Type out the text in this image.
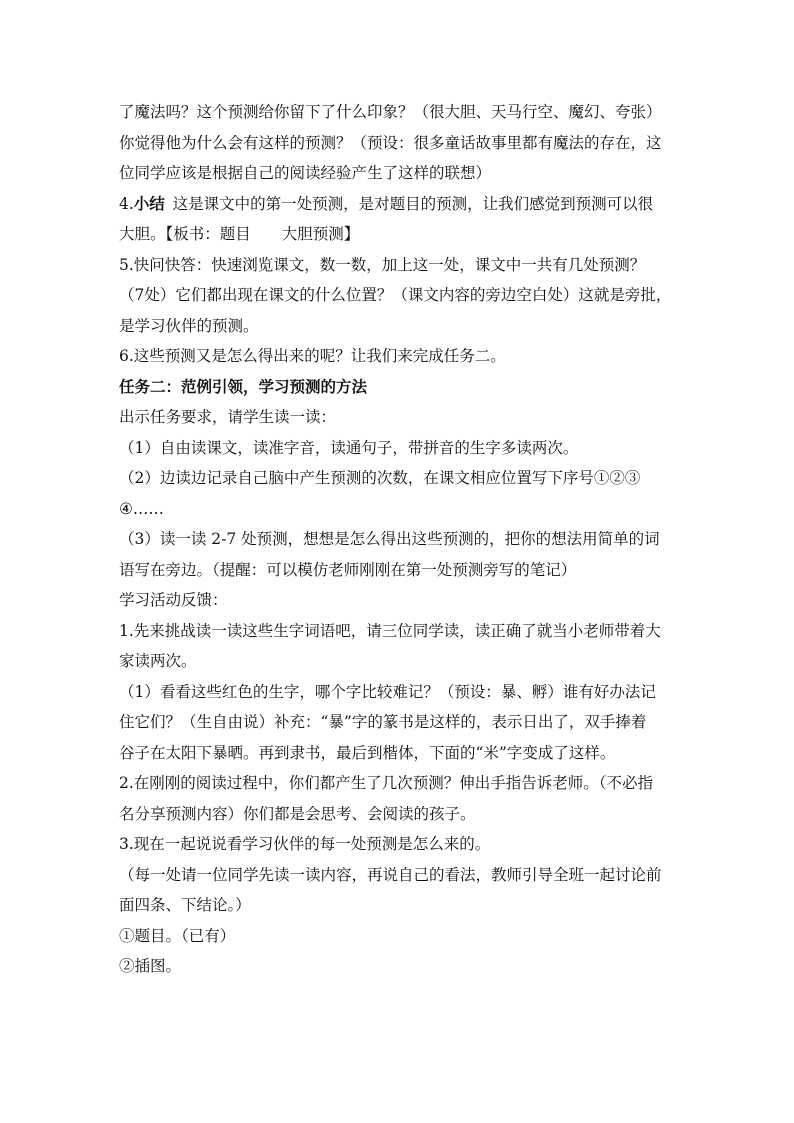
了魔法吗？这个预测给你留下了什么印象？（很大胆、天马行空、魔幻、夸张）

你觉得他为什么会有这样的预测？（预设：很多童话故事里都有魔法的存在，这

位同学应该是根据自己的阅读经验产生了这样的联想）

4.小结  这是课文中的第一处预测，是对题目的预测，让我们感觉到预测可以很

大胆。【板书：题目　　大胆预测】

5.快问快答：快速浏览课文，数一数，加上这一处，课文中一共有几处预测？

（7处）它们都出现在课文的什么位置？（课文内容的旁边空白处）这就是旁批，

是学习伙伴的预测。

6.这些预测又是怎么得出来的呢？让我们来完成任务二。

任务二：范例引领，学习预测的方法

出示任务要求，请学生读一读：

（1）自由读课文，读准字音，读通句子，带拼音的生字多读两次。

（2）边读边记录自己脑中产生预测的次数，在课文相应位置写下序号①②③

④……

（3）读一读 2-7 处预测，想想是怎么得出这些预测的，把你的想法用简单的词

语写在旁边。（提醒：可以模仿老师刚刚在第一处预测旁写的笔记）

学习活动反馈：

1.先来挑战读一读这些生字词语吧，请三位同学读，读正确了就当小老师带着大

家读两次。

（1）看看这些红色的生字，哪个字比较难记？（预设：暴、孵）谁有好办法记

住它们？（生自由说）补充：“暴”字的篆书是这样的，表示日出了，双手捧着

谷子在太阳下暴晒。再到隶书，最后到楷体，下面的“米”字变成了这样。

2.在刚刚的阅读过程中，你们都产生了几次预测？伸出手指告诉老师。（不必指

名分享预测内容）你们都是会思考、会阅读的孩子。

3.现在一起说说看学习伙伴的每一处预测是怎么来的。

（每一处请一位同学先读一读内容，再说自己的看法，教师引导全班一起讨论前

面四条、下结论。）

①题目。（已有）

②插图。
